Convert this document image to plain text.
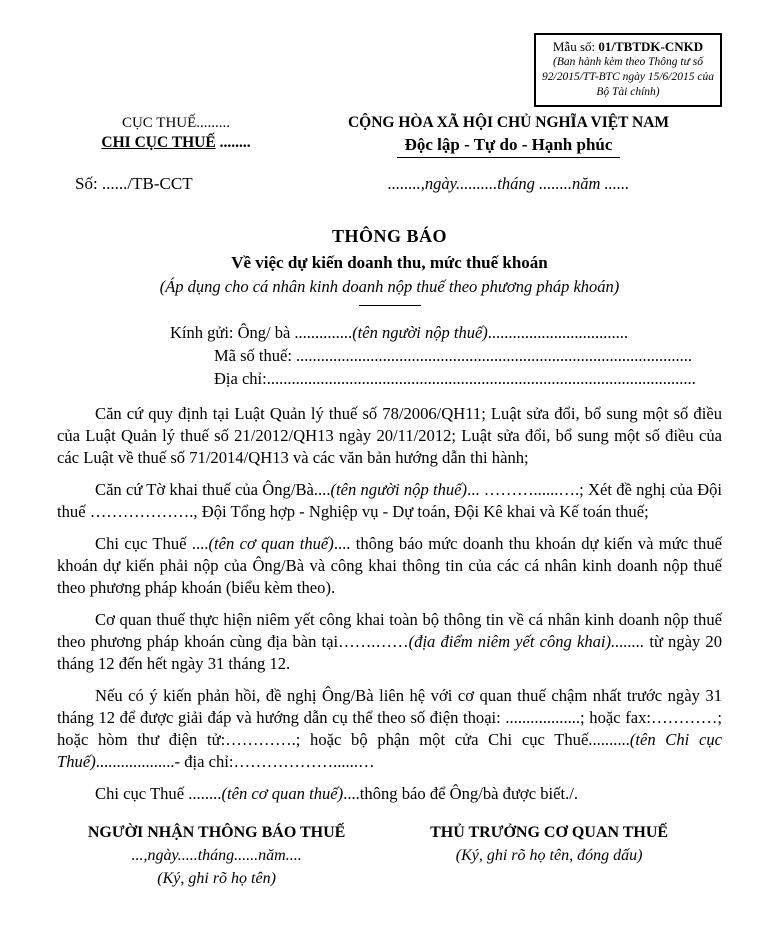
Mẫu số: 01/TBTDK-CNKD
(Ban hành kèm theo Thông tư số 92/2015/TT-BTC ngày 15/6/2015 của Bộ Tài chính)
CỤC THUẾ.........
CHI CỤC THUẾ ........
CỘNG HÒA XÃ HỘI CHỦ NGHĨA VIỆT NAM
Độc lập - Tự do - Hạnh phúc
Số: ....../TB-CCT	........,ngày..........tháng ........năm ......
THÔNG BÁO
Về việc dự kiến doanh thu, mức thuế khoán
(Áp dụng cho cá nhân kinh doanh nộp thuế theo phương pháp khoán)
Kính gửi: Ông/ bà ..............(tên người nộp thuế)..................................
Mã số thuế: ................................................................................................
Địa chỉ:........................................................................................................

Căn cứ quy định tại Luật Quản lý thuế số 78/2006/QH11; Luật sửa đổi, bổ sung một số điều của Luật Quản lý thuế số 21/2012/QH13 ngày 20/11/2012; Luật sửa đổi, bổ sung một số điều của các Luật về thuế số 71/2014/QH13 và các văn bản hướng dẫn thi hành;

Căn cứ Tờ khai thuế của Ông/Bà....(tên người nộp thuế)... ………......….; Xét đề nghị của Đội thuế ………………., Đội Tổng hợp - Nghiệp vụ - Dự toán, Đội Kê khai và Kế toán thuế;

Chi cục Thuế ....(tên cơ quan thuế).... thông báo mức doanh thu khoán dự kiến và mức thuế khoán dự kiến phải nộp của Ông/Bà và công khai thông tin của các cá nhân kinh doanh nộp thuế theo phương pháp khoán (biểu kèm theo).

Cơ quan thuế thực hiện niêm yết công khai toàn bộ thông tin về cá nhân kinh doanh nộp thuế theo phương pháp khoán cùng địa bàn tại…….……(địa điểm niêm yết công khai)........ từ ngày 20 tháng 12 đến hết ngày 31 tháng 12.

Nếu có ý kiến phản hồi, đề nghị Ông/Bà liên hệ với cơ quan thuế chậm nhất trước ngày 31 tháng 12 để được giải đáp và hướng dẫn cụ thể theo số điện thoại: ..................; hoặc fax:…………; hoặc hòm thư điện tử:………….; hoặc bộ phận một cửa Chi cục Thuế..........(tên Chi cục Thuế)...................- địa chỉ:………………......…

Chi cục Thuế ........(tên cơ quan thuế)....thông báo để Ông/bà được biết./.

NGƯỜI NHẬN THÔNG BÁO THUẾ
...,ngày.....tháng......năm....
(Ký, ghi rõ họ tên)
THỦ TRƯỞNG CƠ QUAN THUẾ
(Ký, ghi rõ họ tên, đóng dấu)
